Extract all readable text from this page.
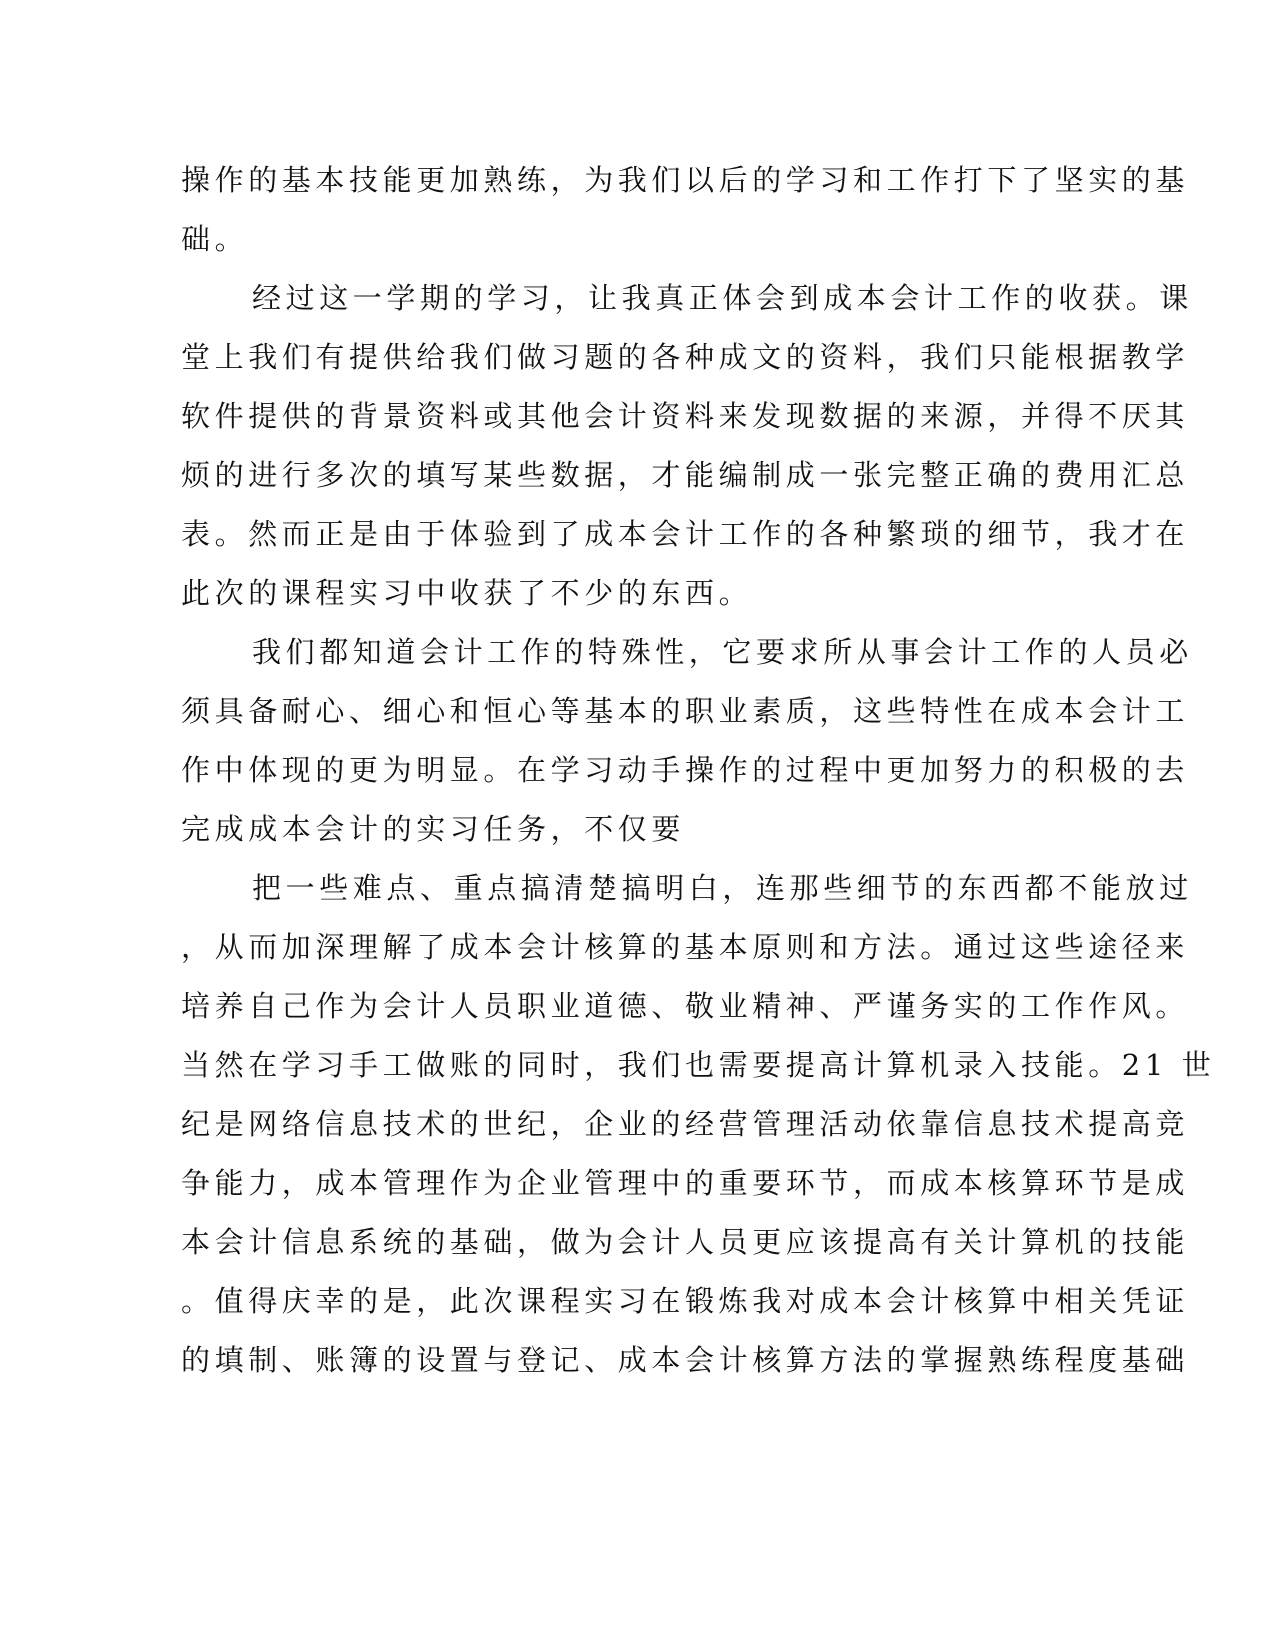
操作的基本技能更加熟练，为我们以后的学习和工作打下了坚实的基
础。
经过这一学期的学习，让我真正体会到成本会计工作的收获。课
堂上我们有提供给我们做习题的各种成文的资料，我们只能根据教学
软件提供的背景资料或其他会计资料来发现数据的来源，并得不厌其
烦的进行多次的填写某些数据，才能编制成一张完整正确的费用汇总
表。然而正是由于体验到了成本会计工作的各种繁琐的细节，我才在
此次的课程实习中收获了不少的东西。
我们都知道会计工作的特殊性，它要求所从事会计工作的人员必
须具备耐心、细心和恒心等基本的职业素质，这些特性在成本会计工
作中体现的更为明显。在学习动手操作的过程中更加努力的积极的去
完成成本会计的实习任务，不仅要
把一些难点、重点搞清楚搞明白，连那些细节的东西都不能放过
，从而加深理解了成本会计核算的基本原则和方法。通过这些途径来
培养自己作为会计人员职业道德、敬业精神、严谨务实的工作作风。
当然在学习手工做账的同时，我们也需要提高计算机录入技能。21 世
纪是网络信息技术的世纪，企业的经营管理活动依靠信息技术提高竞
争能力，成本管理作为企业管理中的重要环节，而成本核算环节是成
本会计信息系统的基础，做为会计人员更应该提高有关计算机的技能
。值得庆幸的是，此次课程实习在锻炼我对成本会计核算中相关凭证
的填制、账簿的设置与登记、成本会计核算方法的掌握熟练程度基础
